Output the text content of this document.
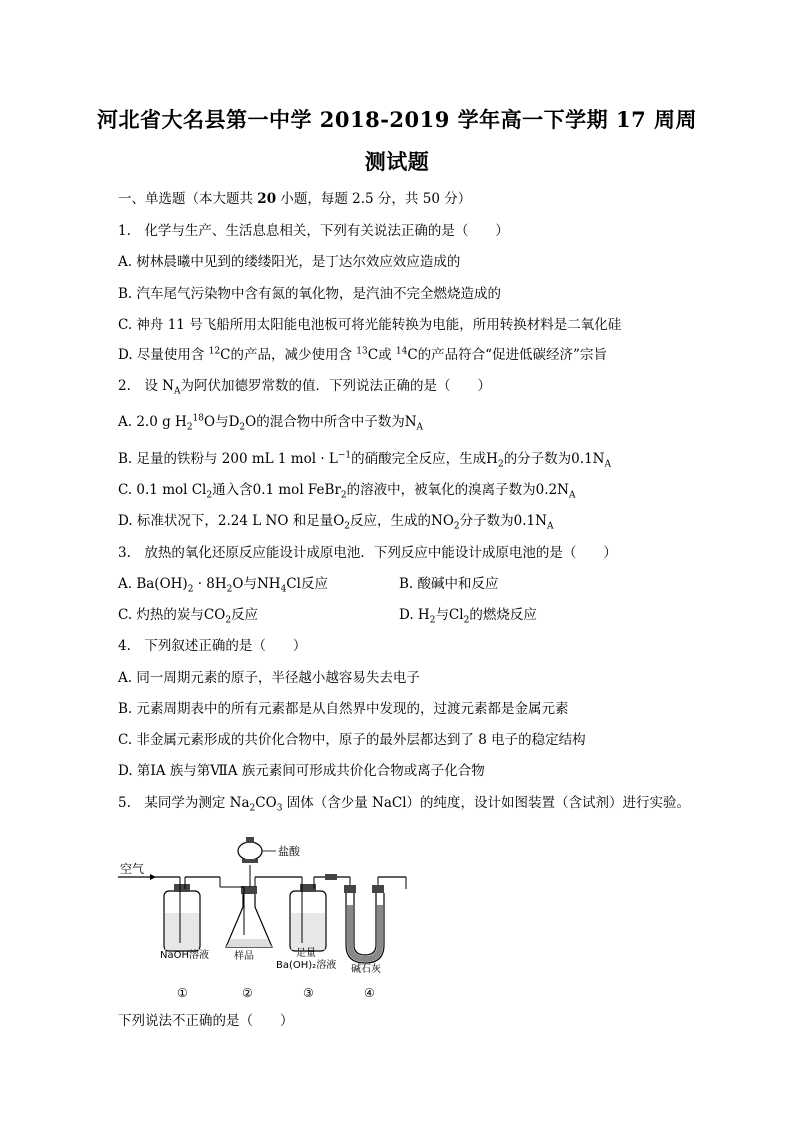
河北省大名县第一中学 2018-2019 学年高一下学期 17 周周
测试题
一、单选题（本大题共 20 小题，每题 2.5 分，共 50 分）
1.　化学与生产、生活息息相关，下列有关说法正确的是（　　）
A. 树林晨曦中见到的缕缕阳光，是丁达尔效应效应造成的
B. 汽车尾气污染物中含有氮的氧化物，是汽油不完全燃烧造成的
C. 神舟 11 号飞船所用太阳能电池板可将光能转换为电能，所用转换材料是二氧化硅
D. 尽量使用含 $^{12}$C的产品，减少使用含 $^{13}$C或 $^{14}$C的产品符合“促进低碳经济”宗旨
2.　设 $N_A$为阿伏加德罗常数的值．下列说法正确的是（　　）
A. 2.0 g $H_2^{18}O$与$D_2O$的混合物中所含中子数为$N_A$
B. 足量的铁粉与 200 mL 1 mol · $L^{-1}$的硝酸完全反应，生成$H_2$的分子数为$0.1N_A$
C. 0.1 mol $Cl_2$通入含0.1 mol FeBr$_2$的溶液中，被氧化的溴离子数为$0.2N_A$
D. 标准状况下，2.24 L NO 和足量$O_2$反应，生成的$NO_2$分子数为$0.1N_A$
3.　放热的氧化还原反应能设计成原电池．下列反应中能设计成原电池的是（　　）
A. $Ba(OH)_2 \cdot 8H_2O$与$NH_4Cl$反应	B. 酸碱中和反应
C. 灼热的炭与$CO_2$反应	D. $H_2$与$Cl_2$的燃烧反应
4.　下列叙述正确的是（　　）
A. 同一周期元素的原子，半径越小越容易失去电子
B. 元素周期表中的所有元素都是从自然界中发现的，过渡元素都是金属元素
C. 非金属元素形成的共价化合物中，原子的最外层都达到了 8 电子的稳定结构
D. 第ⅠA 族与第ⅦA 族元素间可形成共价化合物或离子化合物
5.　某同学为测定 $Na_2CO_3$ 固体（含少量 NaCl）的纯度，设计如图装置（含试剂）进行实验。
空气
盐酸
NaOH溶液	样品	足量
Ba(OH)₂溶液 碱石灰
①	②	③	④
下列说法不正确的是（　　）
